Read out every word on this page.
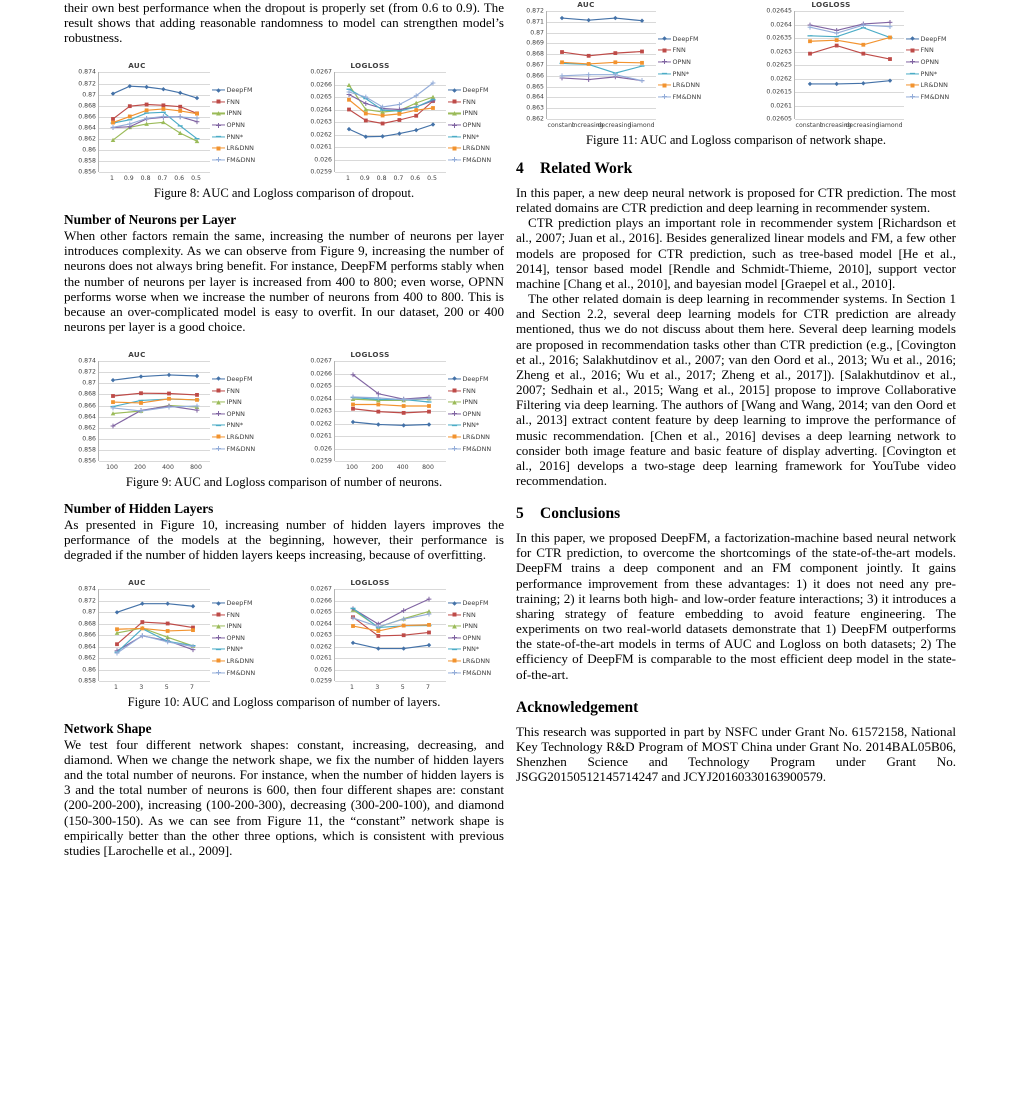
their own best performance when the dropout is properly set (from 0.6 to 0.9). The result shows that adding reasonable randomness to model can strengthen model’s robustness.

AUC
0.874
0.872
0.87
0.868
0.866
0.864
0.862
0.86
0.858
0.856
1 0.9 0.8 0.7 0.6 0.5
DeepFM
FNN
IPNN
OPNN
PNN*
LR&DNN
FM&DNN
LOGLOSS
0.0267
0.0266
0.0265
0.0264
0.0263
0.0262
0.0261
0.026
0.0259
1 0.9 0.8 0.7 0.6 0.5
DeepFM
FNN
IPNN
OPNN
PNN*
LR&DNN
FM&DNN

Figure 8: AUC and Logloss comparison of dropout.

Number of Neurons per Layer

When other factors remain the same, increasing the number of neurons per layer introduces complexity. As we can observe from Figure 9, increasing the number of neurons does not always bring benefit. For instance, DeepFM performs stably when the number of neurons per layer is increased from 400 to 800; even worse, OPNN performs worse when we increase the number of neurons from 400 to 800. This is because an over-complicated model is easy to overfit. In our dataset, 200 or 400 neurons per layer is a good choice.

AUC
0.874
0.872
0.87
0.868
0.866
0.864
0.862
0.86
0.858
0.856
100	200	400	800
DeepFM
FNN
IPNN
OPNN
PNN*
LR&DNN
FM&DNN
LOGLOSS
0.0267
0.0266
0.0265
0.0264
0.0263
0.0262
0.0261
0.026
0.0259
100 200 400 800
DeepFM
FNN
IPNN
OPNN
PNN*
LR&DNN
FM&DNN

Figure 9: AUC and Logloss comparison of number of neurons.

Number of Hidden Layers

As presented in Figure 10, increasing number of hidden layers improves the performance of the models at the beginning, however, their performance is degraded if the number of hidden layers keeps increasing, because of overfitting.

AUC
0.874
0.872
0.87
0.868
0.866
0.864
0.862
0.86
0.858
1	3	5	7
DeepFM
FNN
IPNN
OPNN
PNN*
LR&DNN
FM&DNN
LOGLOSS
0.0267
0.0266
0.0265
0.0264
0.0263
0.0262
0.0261
0.026
0.0259
1	3	5	7
DeepFM
FNN
IPNN
OPNN
PNN*
LR&DNN
FM&DNN

Figure 10: AUC and Logloss comparison of number of layers.

Network Shape

We test four different network shapes: constant, increasing, decreasing, and diamond. When we change the network shape, we fix the number of hidden layers and the total number of neurons. For instance, when the number of hidden layers is 3 and the total number of neurons is 600, then four different shapes are: constant (200-200-200), increasing (100-200-300), decreasing (300-200-100), and diamond (150-300-150). As we can see from Figure 11, the “constant” network shape is empirically better than the other three options, which is consistent with previous studies [Larochelle et al., 2009].

AUC
0.872
0.871
0.87
0.869
0.868
0.867
0.866
0.865
0.864
0.863
0.862
constant
increasing
decreasing
diamond
DeepFM
FNN
OPNN
PNN*
LR&DNN
FM&DNN
LOGLOSS
0.02645
0.0264
0.02635
0.0263
0.02625
0.0262
0.02615
0.0261
0.02605
constant
increasing
decreasing
diamond
DeepFM
FNN
OPNN
PNN*
LR&DNN
FM&DNN

Figure 11: AUC and Logloss comparison of network shape.

4 Related Work

In this paper, a new deep neural network is proposed for CTR prediction. The most related domains are CTR prediction and deep learning in recommender system.

CTR prediction plays an important role in recommender system [Richardson et al., 2007; Juan et al., 2016]. Besides generalized linear models and FM, a few other models are proposed for CTR prediction, such as tree-based model [He et al., 2014], tensor based model [Rendle and Schmidt-Thieme, 2010], support vector machine [Chang et al., 2010], and bayesian model [Graepel et al., 2010].

The other related domain is deep learning in recommender systems. In Section 1 and Section 2.2, several deep learning models for CTR prediction are already mentioned, thus we do not discuss about them here. Several deep learning models are proposed in recommendation tasks other than CTR prediction (e.g., [Covington et al., 2016; Salakhutdinov et al., 2007; van den Oord et al., 2013; Wu et al., 2016; Zheng et al., 2016; Wu et al., 2017; Zheng et al., 2017]). [Salakhutdinov et al., 2007; Sedhain et al., 2015; Wang et al., 2015] propose to improve Collaborative Filtering via deep learning. The authors of [Wang and Wang, 2014; van den Oord et al., 2013] extract content feature by deep learning to improve the performance of music recommendation. [Chen et al., 2016] devises a deep learning network to consider both image feature and basic feature of display adverting. [Covington et al., 2016] develops a two-stage deep learning framework for YouTube video recommendation.

5 Conclusions

In this paper, we proposed DeepFM, a factorization-machine based neural network for CTR prediction, to overcome the shortcomings of the state-of-the-art models. DeepFM trains a deep component and an FM component jointly. It gains performance improvement from these advantages: 1) it does not need any pre-training; 2) it learns both high- and low-order feature interactions; 3) it introduces a sharing strategy of feature embedding to avoid feature engineering. The experiments on two real-world datasets demonstrate that 1) DeepFM outperforms the state-of-the-art models in terms of AUC and Logloss on both datasets; 2) The efficiency of DeepFM is comparable to the most efficient deep model in the state-of-the-art.

Acknowledgement

This research was supported in part by NSFC under Grant No. 61572158, National Key Technology R&D Program of MOST China under Grant No. 2014BAL05B06, Shenzhen Science and Technology Program under Grant No. JSGG20150512145714247 and JCYJ20160330163900579.
